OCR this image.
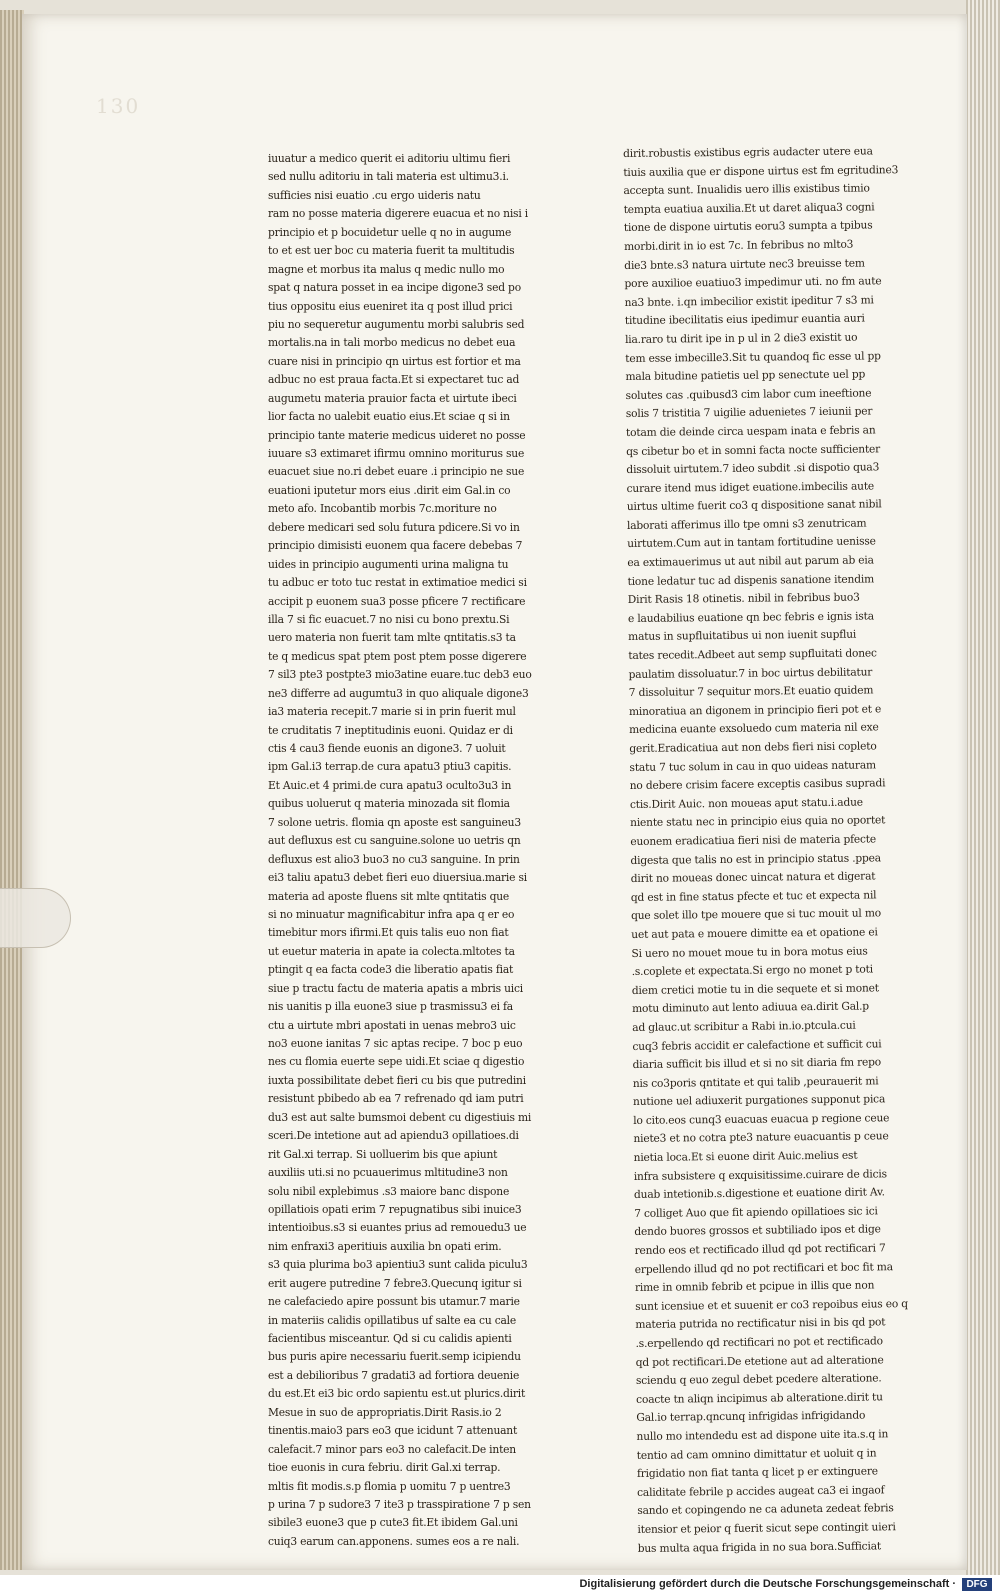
130
iuuatur a medico querit ei aditoriu ultimu fieri
sed nullu aditoriu in tali materia est ultimu3.i.
sufficies nisi euatio .cu ergo uideris natu
ram no posse materia digerere euacua et no nisi i
principio et p bocuidetur uelle q no in augume
to et est uer boc cu materia fuerit ta multitudis
magne et morbus ita malus q medic nullo mo
spat q natura posset in ea incipe digone3 sed po
tius oppositu eius eueniret ita q post illud prici
piu no sequeretur augumentu morbi salubris sed
mortalis.na in tali morbo medicus no debet eua
cuare nisi in principio qn uirtus est fortior et ma
adbuc no est praua facta.Et si expectaret tuc ad
augumetu materia prauior facta et uirtute ibeci
lior facta no ualebit euatio eius.Et sciae q si in
principio tante materie medicus uideret no posse
iuuare s3 extimaret ifirmu omnino moriturus sue
euacuet siue no.ri debet euare .i principio ne sue
euationi iputetur mors eius .dirit eim Gal.in co
meto afo. Incobantib morbis 7c.moriture no
debere medicari sed solu futura pdicere.Si vo in
principio dimisisti euonem qua facere debebas 7
uides in principio augumenti urina maligna tu
tu adbuc er toto tuc restat in extimatioe medici si
accipit p euonem sua3 posse pficere 7 rectificare
illa 7 si fic euacuet.7 no nisi cu bono prextu.Si
uero materia non fuerit tam mlte qntitatis.s3 ta
te q medicus spat ptem post ptem posse digerere
7 sil3 pte3 postpte3 mio3atine euare.tuc deb3 euo
ne3 differre ad augumtu3 in quo aliquale digone3
ia3 materia recepit.7 marie si in prin fuerit mul
te cruditatis 7 ineptitudinis euoni. Quidaz er di
ctis 4 cau3 fiende euonis an digone3. 7 uoluit
ipm Gal.i3 terrap.de cura apatu3 ptiu3 capitis.
Et Auic.et 4 primi.de cura apatu3 oculto3u3 in
quibus uoluerut q materia minozada sit flomia
7 solone uetris. flomia qn aposte est sanguineu3
aut defluxus est cu sanguine.solone uo uetris qn
defluxus est alio3 buo3 no cu3 sanguine. In prin
ei3 taliu apatu3 debet fieri euo diuersiua.marie si
materia ad aposte fluens sit mlte qntitatis que
si no minuatur magnificabitur infra apa q er eo
timebitur mors ifirmi.Et quis talis euo non fiat
ut euetur materia in apate ia colecta.mltotes ta
ptingit q ea facta code3 die liberatio apatis fiat
siue p tractu factu de materia apatis a mbris uici
nis uanitis p illa euone3 siue p trasmissu3 ei fa
ctu a uirtute mbri apostati in uenas mebro3 uic
no3 euone ianitas 7 sic aptas recipe. 7 boc p euo
nes cu flomia euerte sepe uidi.Et sciae q digestio
iuxta possibilitate debet fieri cu bis que putredini
resistunt pbibedo ab ea 7 refrenado qd iam putri
du3 est aut salte bumsmoi debent cu digestiuis mi
sceri.De intetione aut ad apiendu3 opillatioes.di
rit Gal.xi terrap. Si uolluerim bis que apiunt
auxiliis uti.si no pcuauerimus mltitudine3 non
solu nibil explebimus .s3 maiore banc dispone
opillatiois opati erim 7 repugnatibus sibi inuice3
intentioibus.s3 si euantes prius ad remouedu3 ue
nim enfraxi3 aperitiuis auxilia bn opati erim.
s3 quia plurima bo3 apientiu3 sunt calida piculu3
erit augere putredine 7 febre3.Quecunq igitur si
ne calefaciedo apire possunt bis utamur.7 marie
in materiis calidis opillatibus uf salte ea cu cale
facientibus misceantur. Qd si cu calidis apienti
bus puris apire necessariu fuerit.semp icipiendu
est a debilioribus 7 gradati3 ad fortiora deuenie
du est.Et ei3 bic ordo sapientu est.ut plurics.dirit
Mesue in suo de appropriatis.Dirit Rasis.io 2
tinentis.maio3 pars eo3 que icidunt 7 attenuant
calefacit.7 minor pars eo3 no calefacit.De inten
tioe euonis in cura febriu. dirit Gal.xi terrap.
mltis fit modis.s.p flomia p uomitu 7 p uentre3
p urina 7 p sudore3 7 ite3 p trasspiratione 7 p sen
sibile3 euone3 que p cute3 fit.Et ibidem Gal.uni
cuiq3 earum can.apponens. sumes eos a re nali.
dirit.robustis existibus egris audacter utere eua
tiuis auxilia que er dispone uirtus est fm egritudine3
accepta sunt. Inualidis uero illis existibus timio
tempta euatiua auxilia.Et ut daret aliqua3 cogni
tione de dispone uirtutis eoru3 sumpta a tpibus
morbi.dirit in io est 7c. In febribus no mlto3
die3 bnte.s3 natura uirtute nec3 breuisse tem
pore auxilioe euatiuo3 impedimur uti. no fm aute
na3 bnte. i.qn imbecilior existit ipeditur 7 s3 mi
titudine ibecilitatis eius ipedimur euantia auri
lia.raro tu dirit ipe in p ul in 2 die3 existit uo
tem esse imbecille3.Sit tu quandoq fic esse ul pp
mala bitudine patietis uel pp senectute uel pp
solutes cas .quibusd3 cim labor cum ineeftione
solis 7 tristitia 7 uigilie aduenietes 7 ieiunii per
totam die deinde circa uespam inata e febris an
qs cibetur bo et in somni facta nocte sufficienter
dissoluit uirtutem.7 ideo subdit .si dispotio qua3
curare itend mus idiget euatione.imbecilis aute
uirtus ultime fuerit co3 q dispositione sanat nibil
laborati afferimus illo tpe omni s3 zenutricam
uirtutem.Cum aut in tantam fortitudine uenisse
ea extimauerimus ut aut nibil aut parum ab eia
tione ledatur tuc ad dispenis sanatione itendim
Dirit Rasis 18 otinetis. nibil in febribus buo3
e laudabilius euatione qn bec febris e ignis ista
matus in supfluitatibus ui non iuenit supflui
tates recedit.Adbeet aut semp supfluitati donec
paulatim dissoluatur.7 in boc uirtus debilitatur
7 dissoluitur 7 sequitur mors.Et euatio quidem
minoratiua an digonem in principio fieri pot et e
medicina euante exsoluedo cum materia nil exe
gerit.Eradicatiua aut non debs fieri nisi copleto
statu 7 tuc solum in cau in quo uideas naturam
no debere crisim facere exceptis casibus supradi
ctis.Dirit Auic. non moueas aput statu.i.adue
niente statu nec in principio eius quia no oportet
euonem eradicatiua fieri nisi de materia pfecte
digesta que talis no est in principio status .ppea
dirit no moueas donec uincat natura et digerat
qd est in fine status pfecte et tuc et expecta nil
que solet illo tpe mouere que si tuc mouit ul mo
uet aut pata e mouere dimitte ea et opatione ei
Si uero no mouet moue tu in bora motus eius
.s.coplete et expectata.Si ergo no monet p toti
diem cretici motie tu in die sequete et si monet
motu diminuto aut lento adiuua ea.dirit Gal.p
ad glauc.ut scribitur a Rabi in.io.ptcula.cui
cuq3 febris accidit er calefactione et sufficit cui
diaria sufficit bis illud et si no sit diaria fm repo
nis co3poris qntitate et qui talib ,peurauerit mi
nutione uel adiuxerit purgationes supponut pica
lo cito.eos cunq3 euacuas euacua p regione ceue
niete3 et no cotra pte3 nature euacuantis p ceue
nietia loca.Et si euone dirit Auic.melius est
infra subsistere q exquisitissime.cuirare de dicis
duab intetionib.s.digestione et euatione dirit Av.
7 colliget Auo que fit apiendo opillatioes sic ici
dendo buores grossos et subtiliado ipos et dige
rendo eos et rectificado illud qd pot rectificari 7
erpellendo illud qd no pot rectificari et boc fit ma
rime in omnib febrib et pcipue in illis que non
sunt icensiue et et suuenit er co3 repoibus eius eo q
materia putrida no rectificatur nisi in bis qd pot
.s.erpellendo qd rectificari no pot et rectificado
qd pot rectificari.De etetione aut ad alteratione
sciendu q euo zegul debet pcedere alteratione.
coacte tn aliqn incipimus ab alteratione.dirit tu
Gal.io terrap.qncunq infrigidas infrigidando
nullo mo intendedu est ad dispone uite ita.s.q in
tentio ad cam omnino dimittatur et uoluit q in
frigidatio non fiat tanta q licet p er extinguere
caliditate febrile p accides augeat ca3 ei ingaof
sando et copingendo ne ca aduneta zedeat febris
itensior et peior q fuerit sicut sepe contingit uieri
bus multa aqua frigida in no sua bora.Sufficiat
Digitalisierung gefördert durch die Deutsche Forschungsgemeinschaft ·	DFG
